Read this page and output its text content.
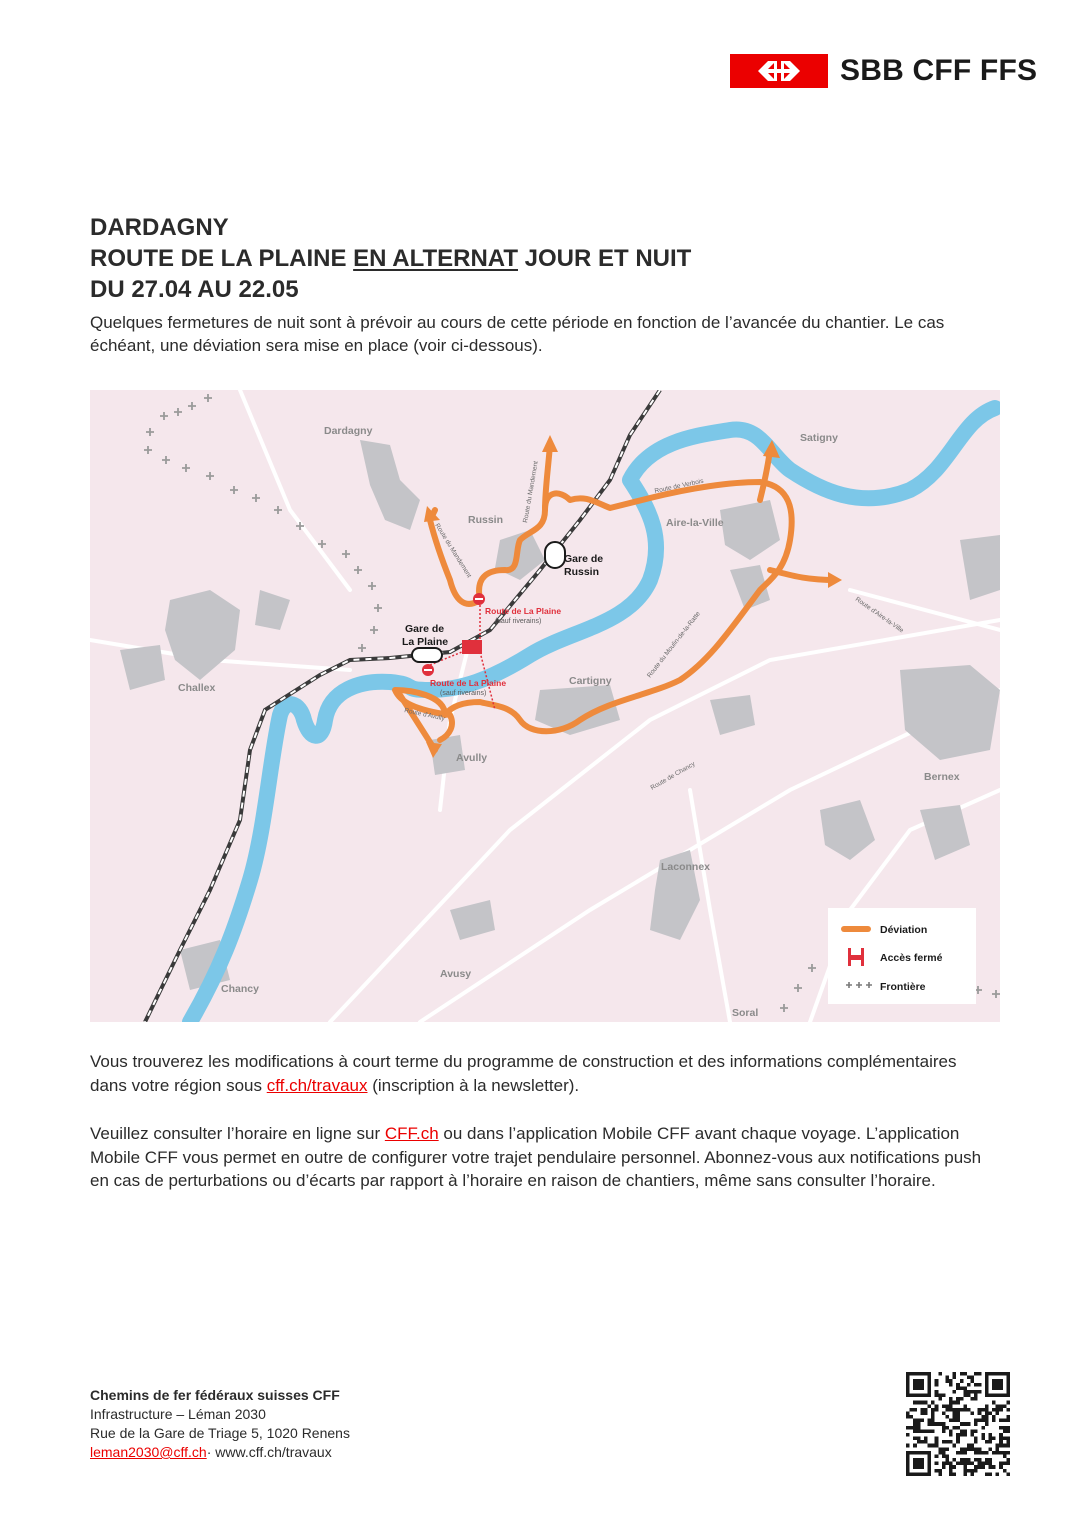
SBB CFF FFS
DARDAGNY
ROUTE DE LA PLAINE EN ALTERNAT JOUR ET NUIT
DU 27.04 AU 22.05
Quelques fermetures de nuit sont à prévoir au cours de cette période en fonction de l’avancée du chantier. Le cas échéant, une déviation sera mise en place (voir ci-dessous).
Gare de
Russin
Gare de
La Plaine
Route de La Plaine
(sauf riverains)
Route de La Plaine
(sauf riverains)
Route de Verbois
Route du Mandement
Route du Mandement
Route du Moulin-de-la-Ratte	Route d'Aire-la-Ville
Route d'Avully
Route de Chancy
Dardagny
Russin
Satigny
Aire-la-Ville
Challex
Cartigny
Avully
Bernex
Laconnex
Avusy
Chancy
Soral
Déviation
Accès fermé
Frontière
Vous trouverez les modifications à court terme du programme de construction et des informations complémentaires dans votre région sous cff.ch/travaux (inscription à la newsletter).
Veuillez consulter l’horaire en ligne sur CFF.ch ou dans l’application Mobile CFF avant chaque voyage. L’application Mobile CFF vous permet en outre de configurer votre trajet pendulaire personnel. Abonnez-vous aux notifications push en cas de perturbations ou d’écarts par rapport à l’horaire en raison de chantiers, même sans consulter l’horaire.
Chemins de fer fédéraux suisses CFF
Infrastructure – Léman 2030
Rue de la Gare de Triage 5, 1020 Renens
leman2030@cff.ch· www.cff.ch/travaux
